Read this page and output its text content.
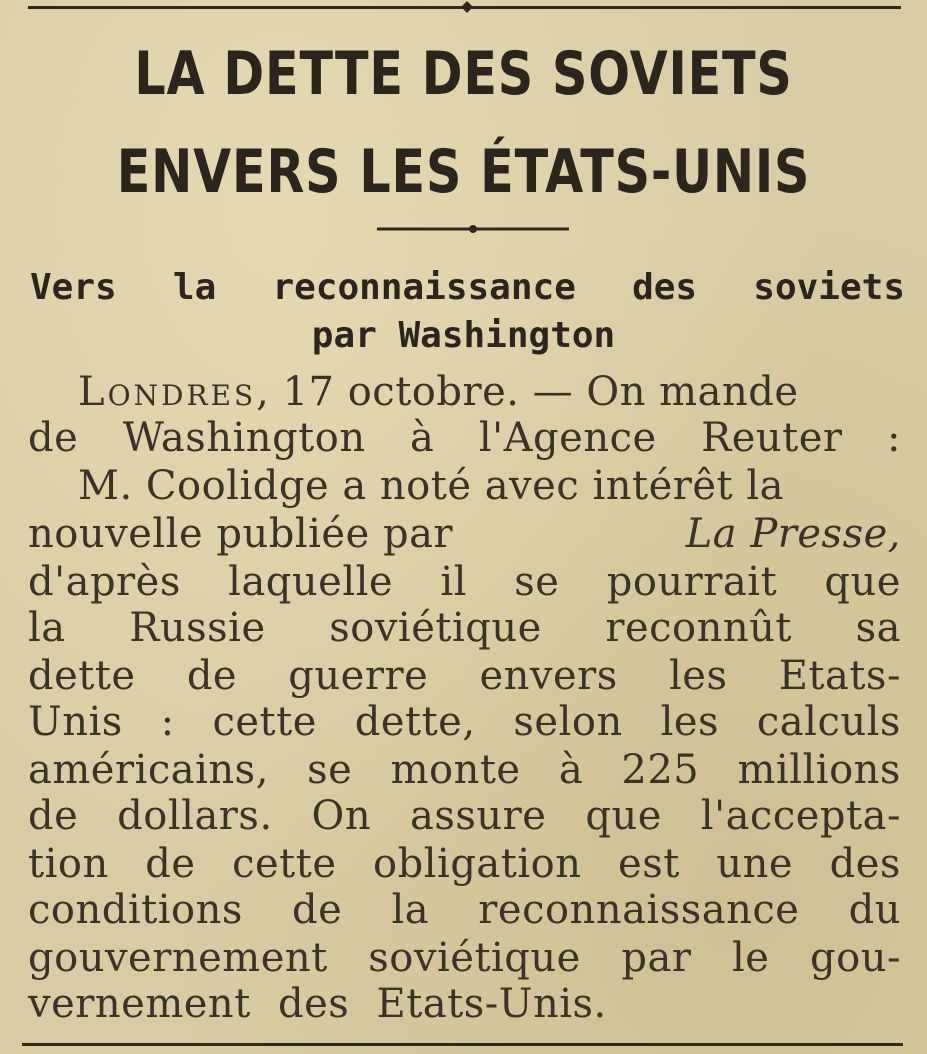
LA DETTE DES SOVIETS
ENVERS LES ÉTATS-UNIS
Vers la reconnaissance des soviets
par Washington
Londres, 17 octobre. — On mande
de Washington à l'Agence Reuter :
M. Coolidge a noté avec intérêt la
nouvelle publiée par	La Presse,
d'après laquelle il se pourrait que
la Russie soviétique reconnût sa
dette de guerre envers les Etats-
Unis : cette dette, selon les calculs
américains, se monte à 225 millions
de dollars. On assure que l'accepta-
tion de cette obligation est une des
conditions de la reconnaissance du
gouvernement soviétique par le gou-
vernement des Etats-Unis.
